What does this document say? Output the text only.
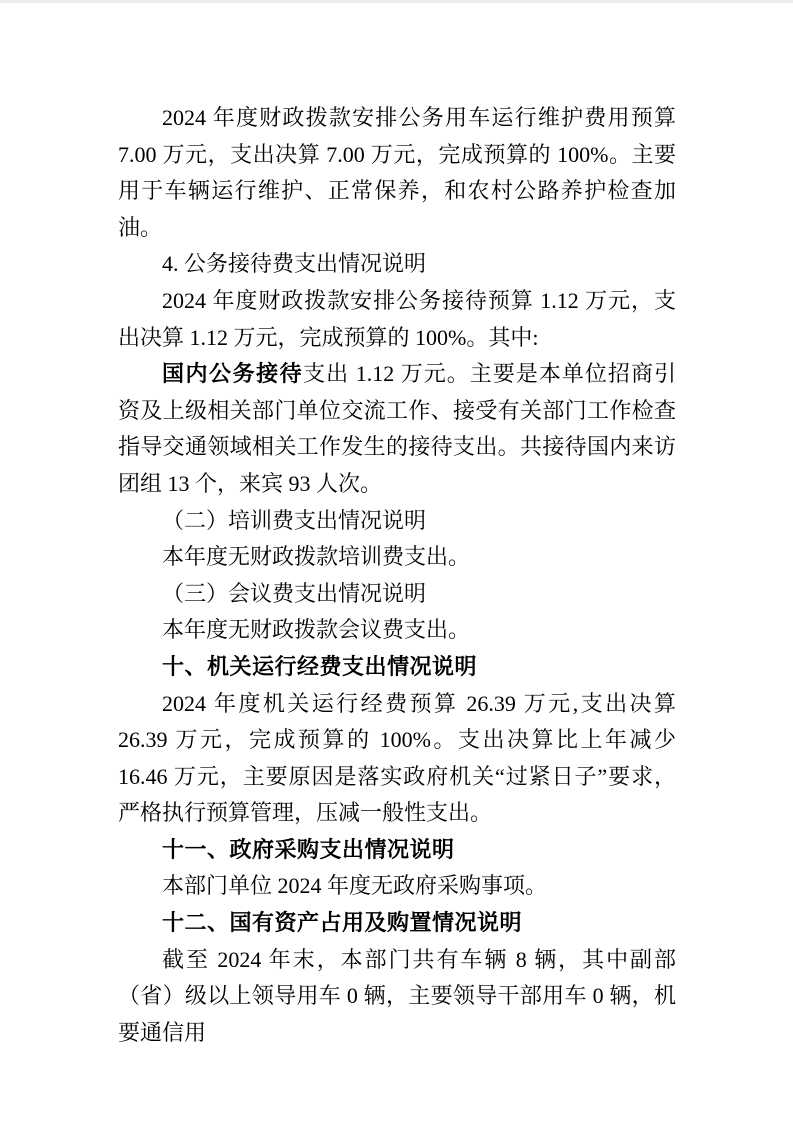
2024 年度财政拨款安排公务用车运行维护费用预算 7.00 万元，支出决算 7.00 万元，完成预算的 100%。主要用于车辆运行维护、正常保养，和农村公路养护检查加油。

4. 公务接待费支出情况说明

2024 年度财政拨款安排公务接待预算 1.12 万元，支出决算 1.12 万元，完成预算的 100%。其中:

国内公务接待支出 1.12 万元。主要是本单位招商引资及上级相关部门单位交流工作、接受有关部门工作检查指导交通领域相关工作发生的接待支出。共接待国内来访团组 13 个，来宾 93 人次。

（二）培训费支出情况说明

本年度无财政拨款培训费支出。

（三）会议费支出情况说明

本年度无财政拨款会议费支出。

十、机关运行经费支出情况说明

2024 年度机关运行经费预算 26.39 万元,支出决算 26.39 万元，完成预算的 100%。支出决算比上年减少 16.46 万元，主要原因是落实政府机关“过紧日子”要求，严格执行预算管理，压减一般性支出。

十一、政府采购支出情况说明

本部门单位 2024 年度无政府采购事项。

十二、国有资产占用及购置情况说明

截至 2024 年末，本部门共有车辆 8 辆，其中副部（省）级以上领导用车 0 辆，主要领导干部用车 0 辆，机要通信用
